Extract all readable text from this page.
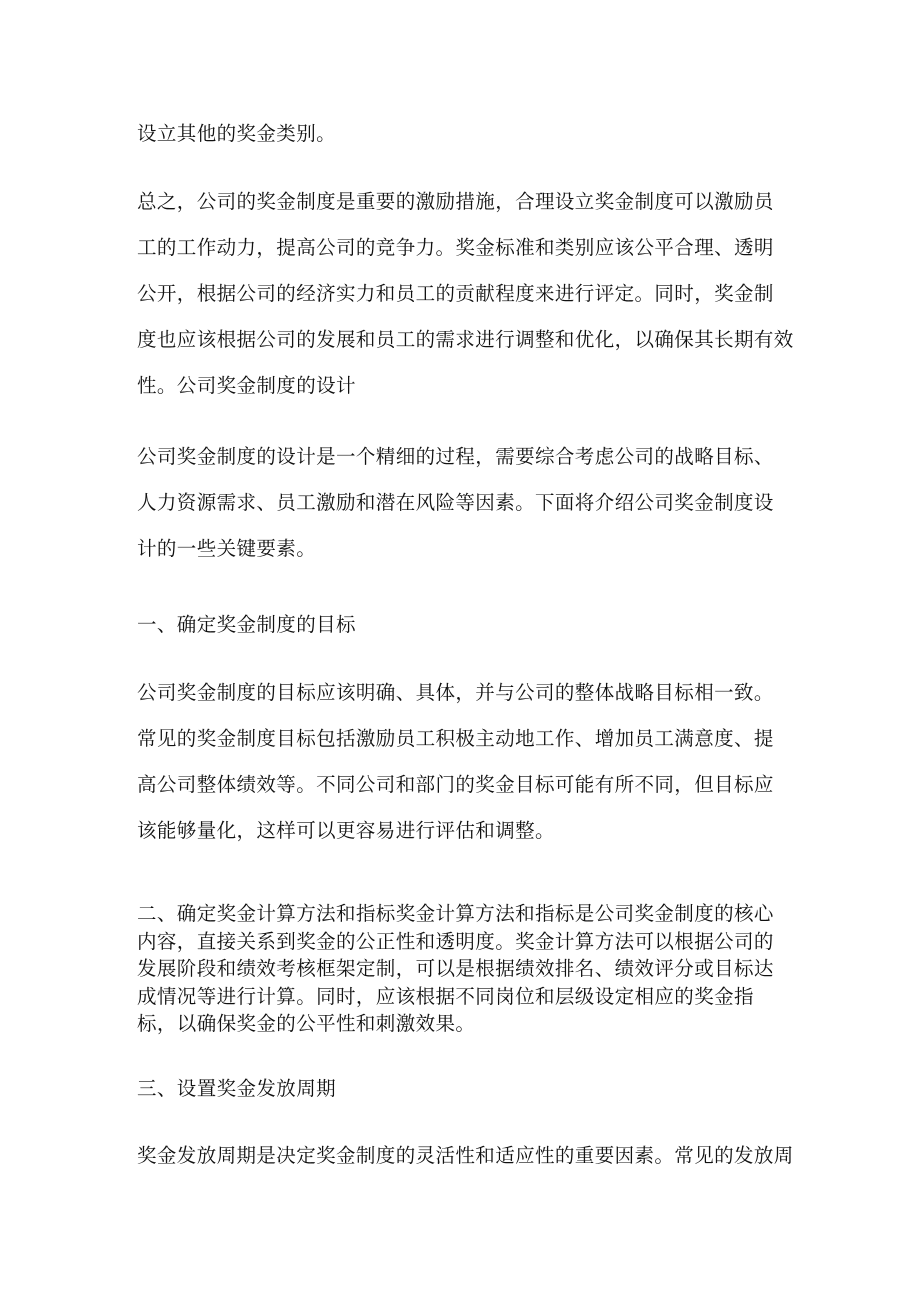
设立其他的奖金类别。
总之，公司的奖金制度是重要的激励措施，合理设立奖金制度可以激励员
工的工作动力，提高公司的竞争力。奖金标准和类别应该公平合理、透明
公开，根据公司的经济实力和员工的贡献程度来进行评定。同时，奖金制
度也应该根据公司的发展和员工的需求进行调整和优化，以确保其长期有效
性。公司奖金制度的设计
公司奖金制度的设计是一个精细的过程，需要综合考虑公司的战略目标、
人力资源需求、员工激励和潜在风险等因素。下面将介绍公司奖金制度设
计的一些关键要素。
一、确定奖金制度的目标
公司奖金制度的目标应该明确、具体，并与公司的整体战略目标相一致。
常见的奖金制度目标包括激励员工积极主动地工作、增加员工满意度、提
高公司整体绩效等。不同公司和部门的奖金目标可能有所不同，但目标应
该能够量化，这样可以更容易进行评估和调整。
二、确定奖金计算方法和指标奖金计算方法和指标是公司奖金制度的核心
内容，直接关系到奖金的公正性和透明度。奖金计算方法可以根据公司的
发展阶段和绩效考核框架定制，可以是根据绩效排名、绩效评分或目标达
成情况等进行计算。同时，应该根据不同岗位和层级设定相应的奖金指
标，以确保奖金的公平性和刺激效果。
三、设置奖金发放周期
奖金发放周期是决定奖金制度的灵活性和适应性的重要因素。常见的发放周
